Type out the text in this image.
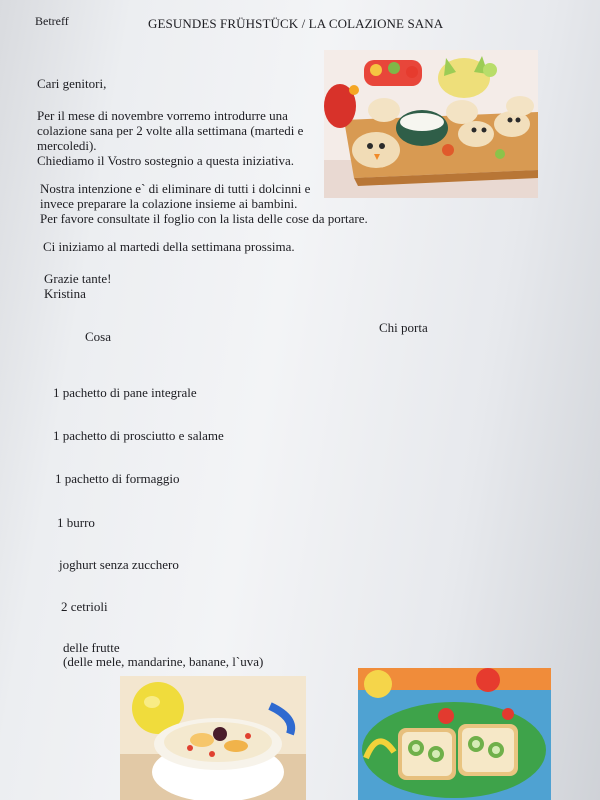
Betreff	GESUNDES FRÜHSTÜCK / LA COLAZIONE SANA

Cari genitori,

Per il mese di novembre vorremo introdurre una
colazione sana per 2 volte alla settimana (martedi e
mercoledi).
Chiediamo il Vostro sostegnio a questa iniziativa.
Nostra intenzione e` di eliminare di tutti i dolcinni e
invece preparare la colazione insieme ai bambini.
Per favore consultate il foglio con la lista delle cose da portare.

Ci iniziamo al martedi della settimana prossima.

Grazie tante!
Kristina

Cosa

Chi porta

1 pachetto di pane integrale

1 pachetto di prosciutto e salame

1 pachetto di formaggio

1 burro

joghurt senza zucchero

2 cetrioli

delle frutte

(delle mele, mandarine, banane, l`uva)
